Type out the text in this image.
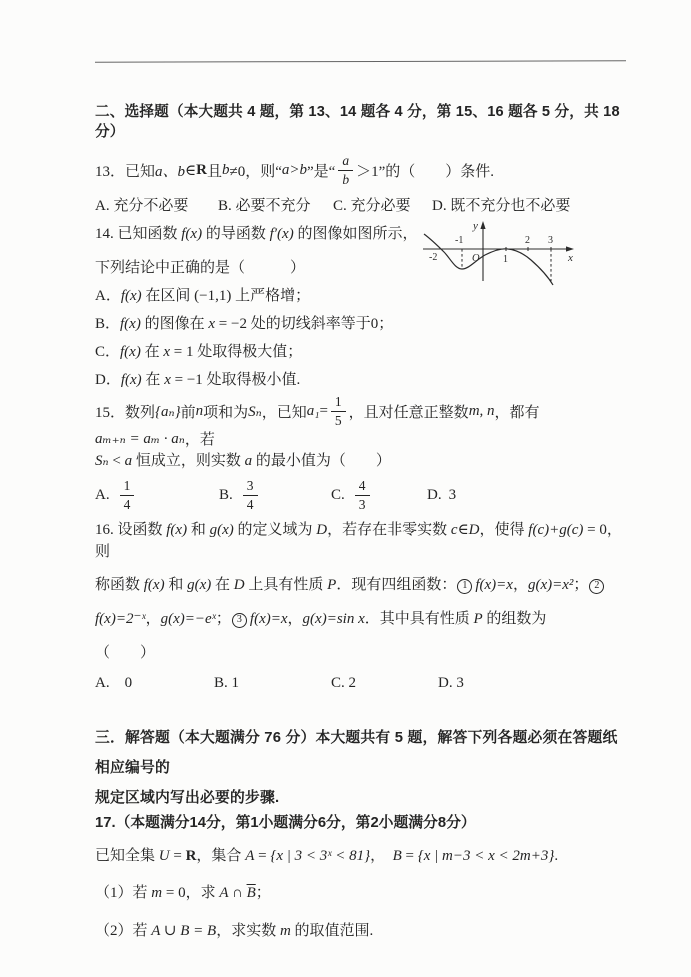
二、选择题（本大题共 4 题，第 13、14 题各 4 分，第 15、16 题各 5 分，共 18 分）
13．已知 a、b ∈ R 且 b ≠0，则“ a>b ”是“
a
b ＞1”的（　　）条件.
A. 充分不必要	B. 必要不充分	C. 充分必要	D. 既不充分也不必要
14. 已知函数 f(x) 的导函数 f′(x) 的图像如图所示，
下列结论中正确的是（　　　）
y
x
O
-2
-1
1
2 3
A．f(x) 在区间 (−1,1) 上严格增；
B．f(x) 的图像在 x = −2 处的切线斜率等于0；
C．f(x) 在 x = 1 处取得极大值；
D．f(x) 在 x = −1 处取得极小值.
15．数列 {aₙ} 前 n 项和为 Sₙ ，已知 $a_1 = \frac{1}{5}$ ，且对任意正整数 m, n ，都有
aₘ₊ₙ = aₘ · aₙ ，若
Sₙ < a 恒成立，则实数 a 的最小值为（　　）
A.
1
4
B.
3
4
C.
4
3
D. 3
16. 设函数 f(x) 和 g(x) 的定义域为 D，若存在非零实数 c∈D，使得 f(c)+g(c) = 0，则
称函数 f(x) 和 g(x) 在 D 上具有性质 P．现有四组函数： 1 f(x)=x，g(x)=x²； 2
f(x)=2⁻ˣ，g(x)=−eˣ； 3 f(x)=x，g(x)=sin x．其中具有性质 P 的组数为
（　　）
A.　0	B. 1	C. 2	D. 3
三．解答题（本大题满分 76 分）本大题共有 5 题，解答下列各题必须在答题纸相应编号的
规定区域内写出必要的步骤.
17.（本题满分14分，第1小题满分6分，第2小题满分8分）
已知全集 U = R，集合 A = {x | 3 < 3ˣ < 81}，　B = {x | m−3 < x < 2m+3}.
（1）若 m = 0，求 A ∩ $\overline{B}$；
（2）若 A ∪ B = B，求实数 m 的取值范围.
